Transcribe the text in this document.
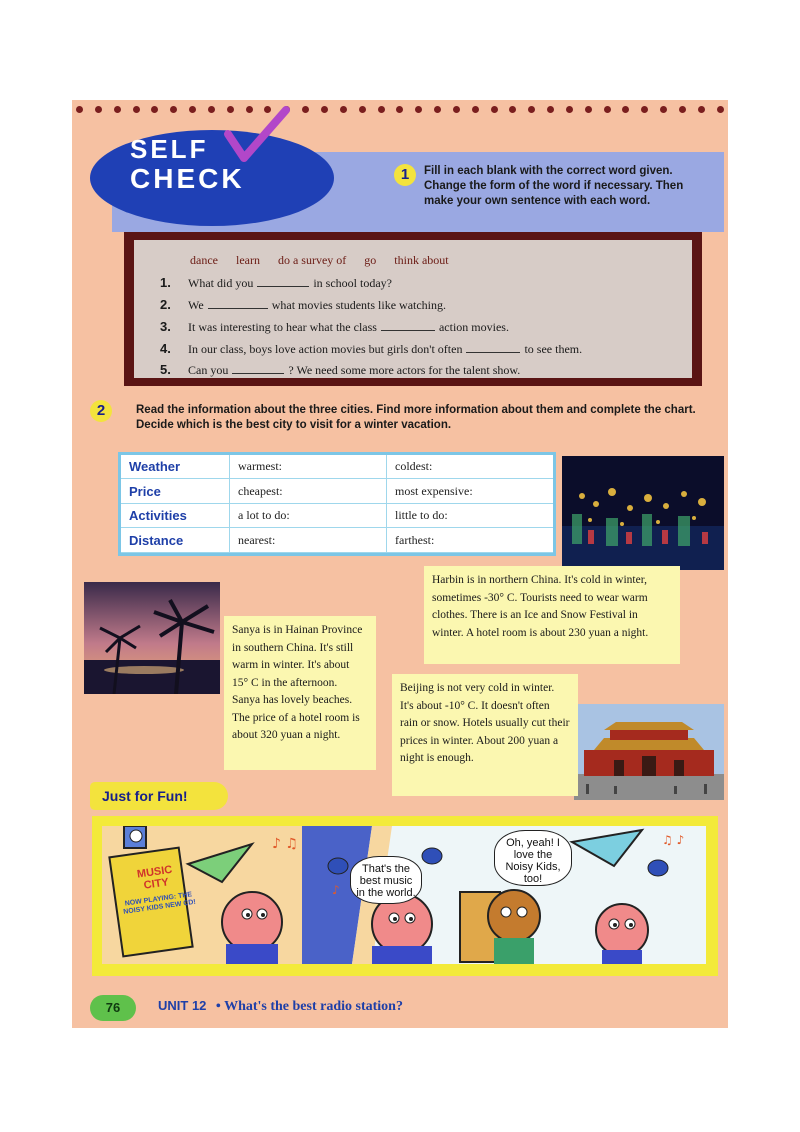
SELF
CHECK	1	Fill in each blank with the correct word given. Change the form of the word if necessary. Then make your own sentence with each word.
dance learn do a survey of go think about
1.	What did you	in school today?
2.	We	what movies students like watching.
3.	It was interesting to hear what the class	action movies.
4.	In our class, boys love action movies but girls don't often	to see them.
5.	Can you	? We need some more actors for the talent show.
2	Read the information about the three cities. Find more information about them and complete the chart. Decide which is the best city to visit for a winter vacation.
Weather	warmest:	coldest:
Price	cheapest:	most expensive:
Activities	a lot to do:	little to do:
Distance	nearest:	farthest:
Harbin is in northern China. It's cold in winter, sometimes -30° C. Tourists need to wear warm clothes. There is an Ice and Snow Festival in winter. A hotel room is about 230 yuan a night.
Sanya is in Hainan Province in southern China. It's still warm in winter. It's about 15° C in the afternoon. Sanya has lovely beaches. The price of a hotel room is about 320 yuan a night.
Beijing is not very cold in winter. It's about -10° C. It doesn't often rain or snow. Hotels usually cut their prices in winter. About 200 yuan a night is enough.
Just for Fun!
♪ ♫
♪
♫ ♪
MUSIC
CITY
NOW PLAYING: THE NOISY KIDS NEW CD!
That's the best music in the world.
Oh, yeah! I love the Noisy Kids, too!
76	UNIT 12 • What's the best radio station?
